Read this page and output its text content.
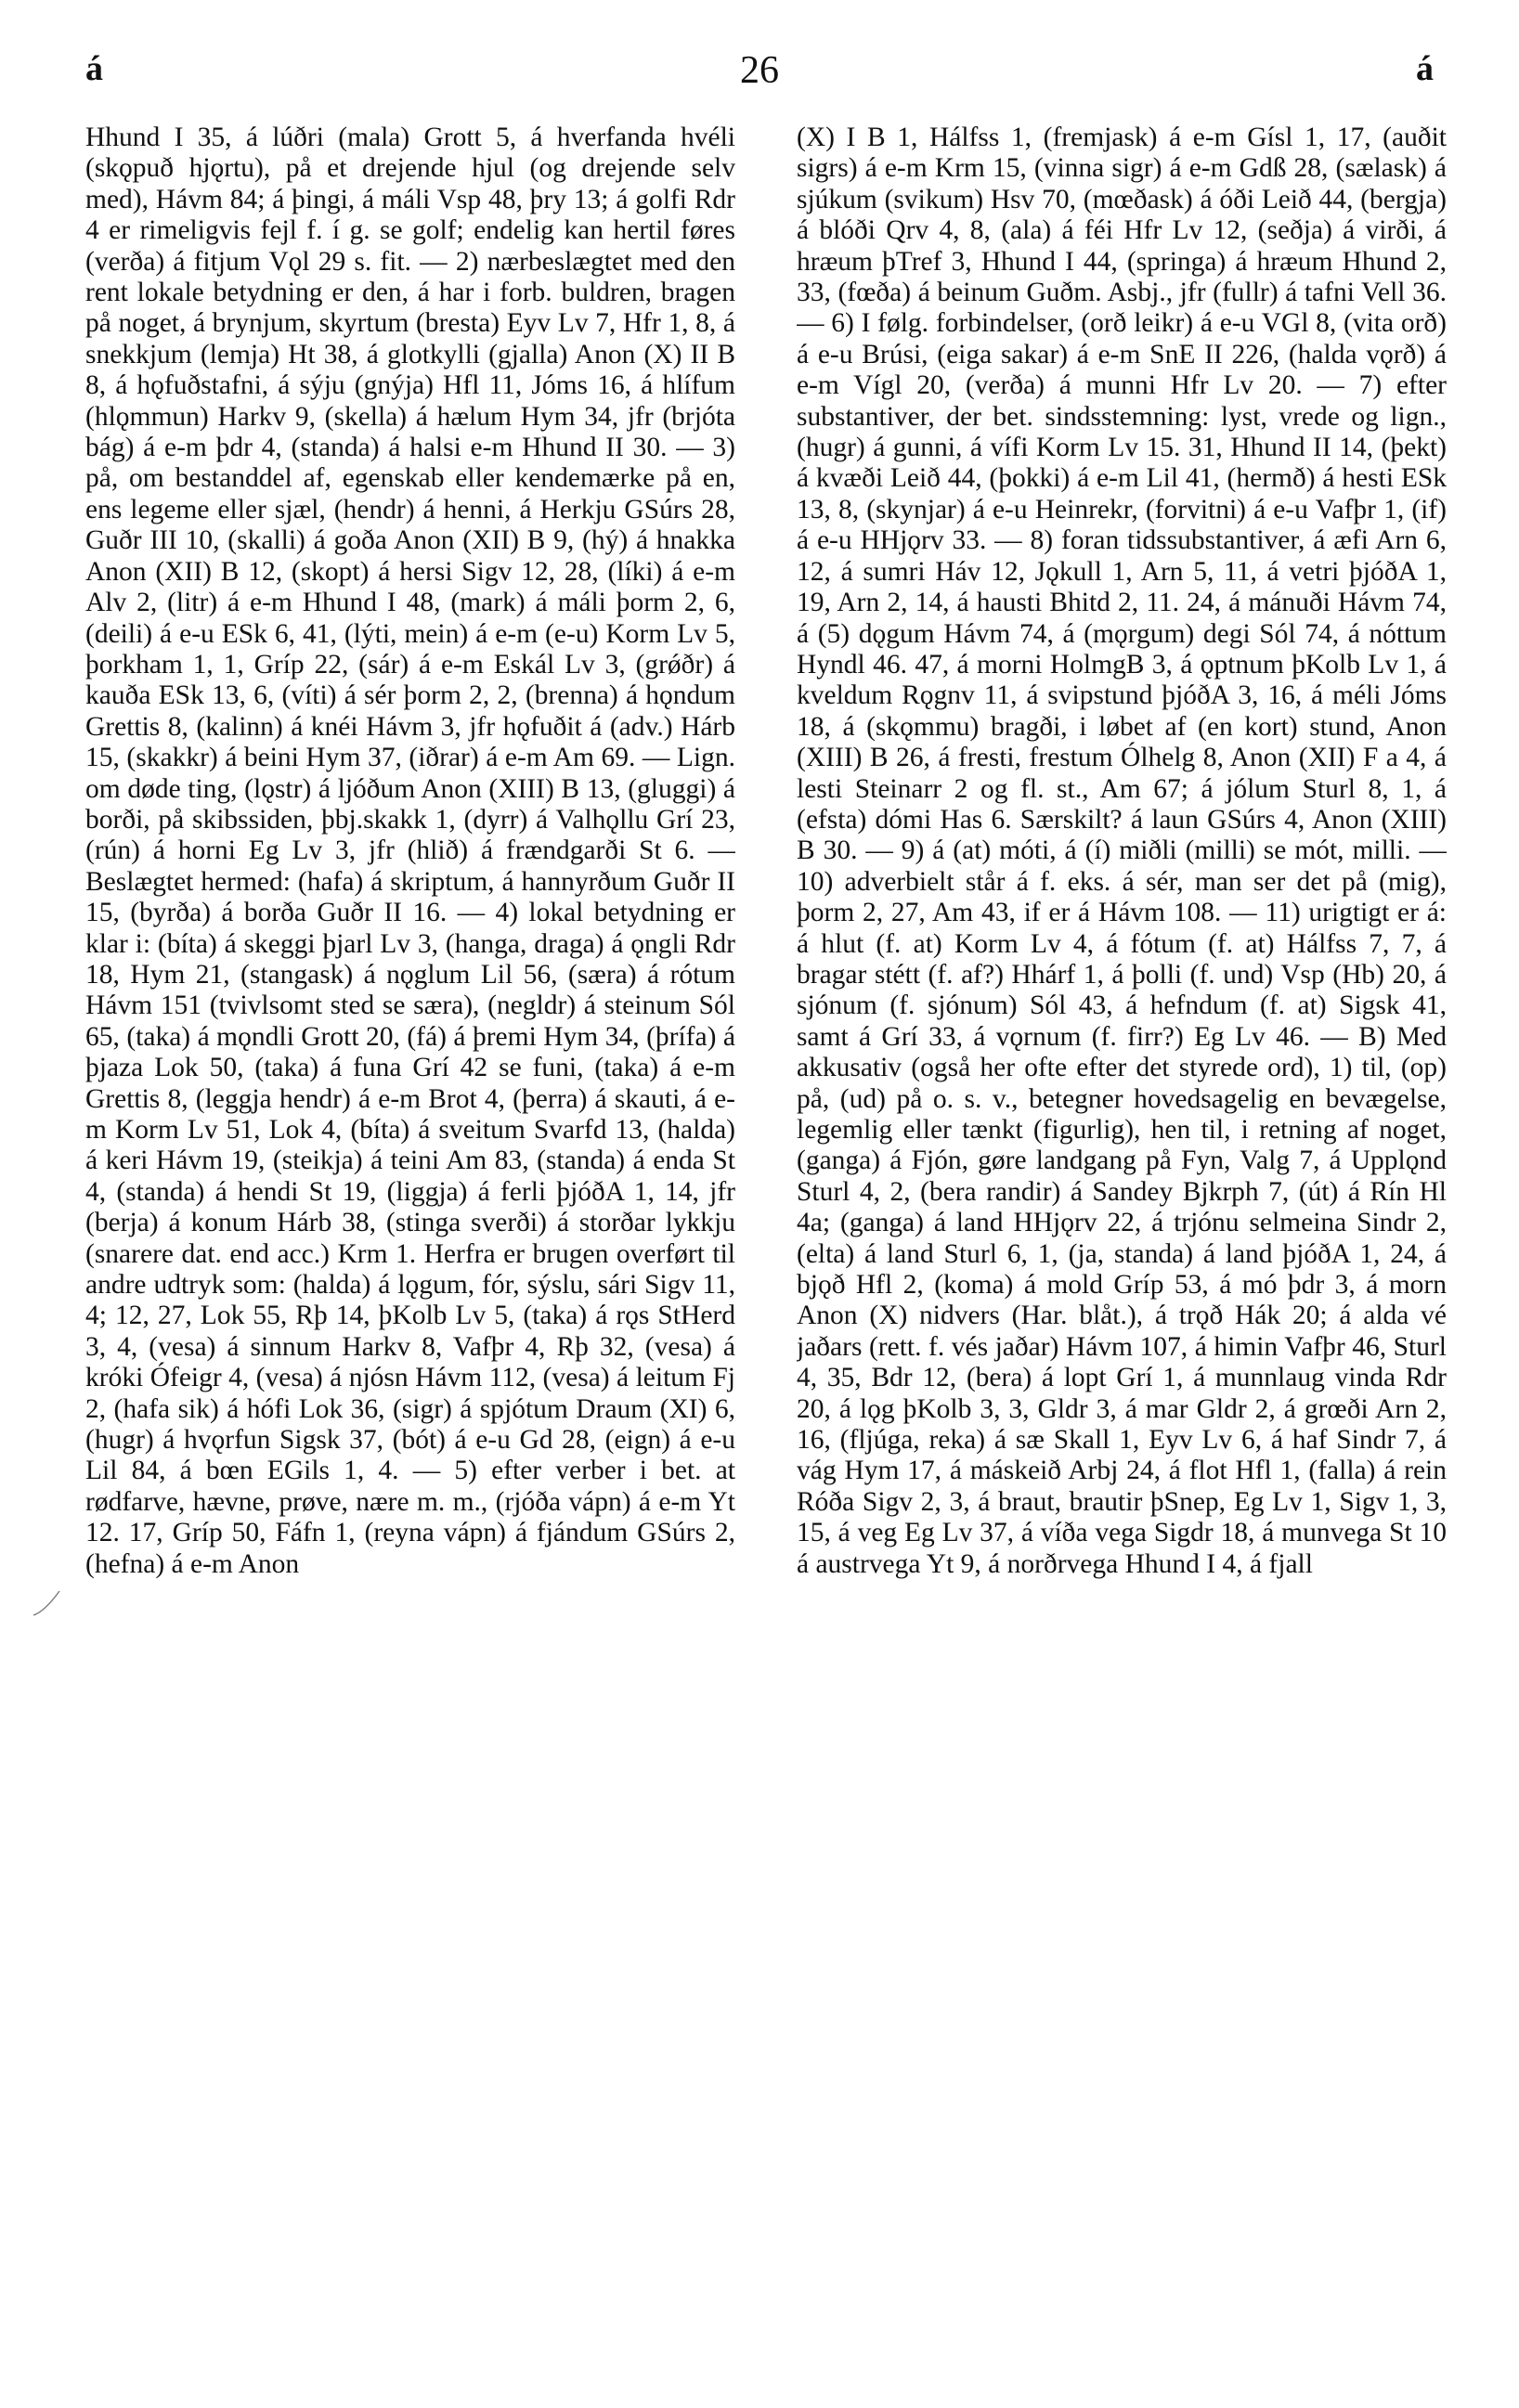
á	26	á

Hhund I 35, á lúðri (mala) Grott 5, á hverfanda hvéli (skǫpuð hjǫrtu), på et drejende hjul (og drejende selv med), Hávm 84; á þingi, á máli Vsp 48, þry 13; á golfi Rdr 4 er rimeligvis fejl f. í g. se golf; endelig kan hertil føres (verða) á fitjum Vǫl 29 s. fit. — 2) nærbeslægtet med den rent lokale betydning er den, á har i forb. buldren, bragen på noget, á brynjum, skyrtum (bresta) Eyv Lv 7, Hfr 1, 8, á snekkjum (lemja) Ht 38, á glotkylli (gjalla) Anon (X) II B 8, á hǫfuðstafni, á sýju (gnýja) Hfl 11, Jóms 16, á hlífum (hlǫmmun) Harkv 9, (skella) á hælum Hym 34, jfr (brjóta bág) á e-m þdr 4, (standa) á halsi e-m Hhund II 30. — 3) på, om bestanddel af, egenskab eller kendemærke på en, ens legeme eller sjæl, (hendr) á henni, á Herkju GSúrs 28, Guðr III 10, (skalli) á goða Anon (XII) B 9, (hý) á hnakka Anon (XII) B 12, (skopt) á hersi Sigv 12, 28, (líki) á e-m Alv 2, (litr) á e-m Hhund I 48, (mark) á máli þorm 2, 6, (deili) á e-u ESk 6, 41, (lýti, mein) á e-m (e-u) Korm Lv 5, þorkham 1, 1, Gríp 22, (sár) á e-m Eskál Lv 3, (grǿðr) á kauða ESk 13, 6, (víti) á sér þorm 2, 2, (brenna) á hǫndum Grettis 8, (kalinn) á knéi Hávm 3, jfr hǫfuðit á (adv.) Hárb 15, (skakkr) á beini Hym 37, (iðrar) á e-m Am 69. — Lign. om døde ting, (lǫstr) á ljóðum Anon (XIII) B 13, (gluggi) á borði, på skibssiden, þbj.skakk 1, (dyrr) á Valhǫllu Grí 23, (rún) á horni Eg Lv 3, jfr (hlið) á frændgarði St 6. — Beslægtet hermed: (hafa) á skriptum, á hannyrðum Guðr II 15, (byrða) á borða Guðr II 16. — 4) lokal betydning er klar i: (bíta) á skeggi þjarl Lv 3, (hanga, draga) á ǫngli Rdr 18, Hym 21, (stangask) á nǫglum Lil 56, (særa) á rótum Hávm 151 (tvivlsomt sted se særa), (negldr) á steinum Sól 65, (taka) á mǫndli Grott 20, (fá) á þremi Hym 34, (þrífa) á þjaza Lok 50, (taka) á funa Grí 42 se funi, (taka) á e-m Grettis 8, (leggja hendr) á e-m Brot 4, (þerra) á skauti, á e-m Korm Lv 51, Lok 4, (bíta) á sveitum Svarfd 13, (halda) á keri Hávm 19, (steikja) á teini Am 83, (standa) á enda St 4, (standa) á hendi St 19, (liggja) á ferli þjóðA 1, 14, jfr (berja) á konum Hárb 38, (stinga sverði) á storðar lykkju (snarere dat. end acc.) Krm 1. Herfra er brugen overført til andre udtryk som: (halda) á lǫgum, fór, sýslu, sári Sigv 11, 4; 12, 27, Lok 55, Rþ 14, þKolb Lv 5, (taka) á rǫs StHerd 3, 4, (vesa) á sinnum Harkv 8, Vafþr 4, Rþ 32, (vesa) á króki Ófeigr 4, (vesa) á njósn Hávm 112, (vesa) á leitum Fj 2, (hafa sik) á hófi Lok 36, (sigr) á spjótum Draum (XI) 6, (hugr) á hvǫrfun Sigsk 37, (bót) á e-u Gd 28, (eign) á e-u Lil 84, á bœn EGils 1, 4. — 5) efter verber i bet. at rødfarve, hævne, prøve, nære m. m., (rjóða vápn) á e-m Yt 12. 17, Gríp 50, Fáfn 1, (reyna vápn) á fjándum GSúrs 2, (hefna) á e-m Anon

(X) I B 1, Hálfss 1, (fremjask) á e-m Gísl 1, 17, (auðit sigrs) á e-m Krm 15, (vinna sigr) á e-m Gdß 28, (sælask) á sjúkum (svikum) Hsv 70, (mœðask) á óði Leið 44, (bergja) á blóði Qrv 4, 8, (ala) á féi Hfr Lv 12, (seðja) á virði, á hræum þTref 3, Hhund I 44, (springa) á hræum Hhund 2, 33, (fœða) á beinum Guðm. Asbj., jfr (fullr) á tafni Vell 36. — 6) I følg. forbindelser, (orð leikr) á e-u VGl 8, (vita orð) á e-u Brúsi, (eiga sakar) á e-m SnE II 226, (halda vǫrð) á e-m Vígl 20, (verða) á munni Hfr Lv 20. — 7) efter substantiver, der bet. sindsstemning: lyst, vrede og lign., (hugr) á gunni, á vífi Korm Lv 15. 31, Hhund II 14, (þekt) á kvæði Leið 44, (þokki) á e-m Lil 41, (hermð) á hesti ESk 13, 8, (skynjar) á e-u Heinrekr, (forvitni) á e-u Vafþr 1, (if) á e-u HHjǫrv 33. — 8) foran tidssubstantiver, á æfi Arn 6, 12, á sumri Háv 12, Jǫkull 1, Arn 5, 11, á vetri þjóðA 1, 19, Arn 2, 14, á hausti Bhitd 2, 11. 24, á mánuði Hávm 74, á (5) dǫgum Hávm 74, á (mǫrgum) degi Sól 74, á nóttum Hyndl 46. 47, á morni HolmgB 3, á ǫptnum þKolb Lv 1, á kveldum Rǫgnv 11, á svipstund þjóðA 3, 16, á méli Jóms 18, á (skǫmmu) bragði, i løbet af (en kort) stund, Anon (XIII) B 26, á fresti, frestum Ólhelg 8, Anon (XII) F a 4, á lesti Steinarr 2 og fl. st., Am 67; á jólum Sturl 8, 1, á (efsta) dómi Has 6. Særskilt? á laun GSúrs 4, Anon (XIII) B 30. — 9) á (at) móti, á (í) miðli (milli) se mót, milli. — 10) adverbielt står á f. eks. á sér, man ser det på (mig), þorm 2, 27, Am 43, if er á Hávm 108. — 11) urigtigt er á: á hlut (f. at) Korm Lv 4, á fótum (f. at) Hálfss 7, 7, á bragar stétt (f. af?) Hhárf 1, á þolli (f. und) Vsp (Hb) 20, á sjónum (f. sjónum) Sól 43, á hefndum (f. at) Sigsk 41, samt á Grí 33, á vǫrnum (f. firr?) Eg Lv 46. — B) Med akkusativ (også her ofte efter det styrede ord), 1) til, (op) på, (ud) på o. s. v., betegner hovedsagelig en bevægelse, legemlig eller tænkt (figurlig), hen til, i retning af noget, (ganga) á Fjón, gøre landgang på Fyn, Valg 7, á Upplǫnd Sturl 4, 2, (bera randir) á Sandey Bjkrph 7, (út) á Rín Hl 4a; (ganga) á land HHjǫrv 22, á trjónu selmeina Sindr 2, (elta) á land Sturl 6, 1, (ja, standa) á land þjóðA 1, 24, á bjǫð Hfl 2, (koma) á mold Gríp 53, á mó þdr 3, á morn Anon (X) nidvers (Har. blåt.), á trǫð Hák 20; á alda vé jaðars (rett. f. vés jaðar) Hávm 107, á himin Vafþr 46, Sturl 4, 35, Bdr 12, (bera) á lopt Grí 1, á munnlaug vinda Rdr 20, á lǫg þKolb 3, 3, Gldr 3, á mar Gldr 2, á grœði Arn 2, 16, (fljúga, reka) á sæ Skall 1, Eyv Lv 6, á haf Sindr 7, á vág Hym 17, á máskeið Arbj 24, á flot Hfl 1, (falla) á rein Róða Sigv 2, 3, á braut, brautir þSnep, Eg Lv 1, Sigv 1, 3, 15, á veg Eg Lv 37, á víða vega Sigdr 18, á munvega St 10 á austrvega Yt 9, á norðrvega Hhund I 4, á fjall
